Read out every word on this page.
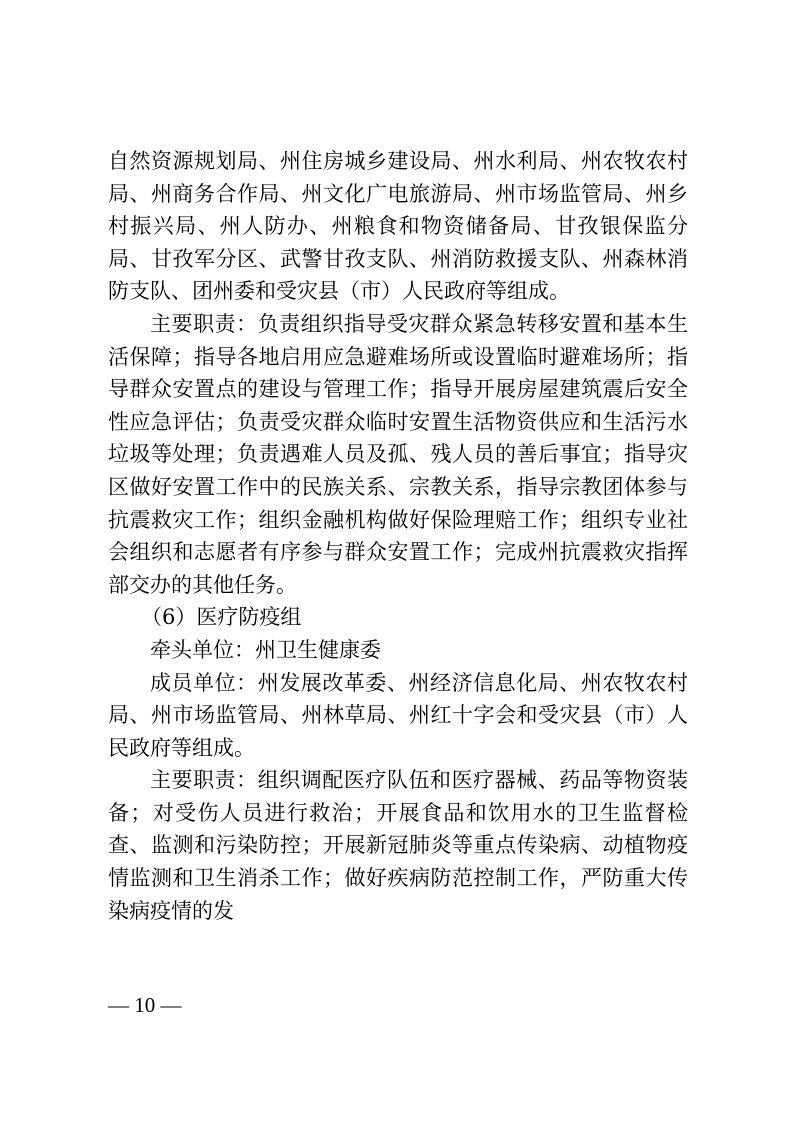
自然资源规划局、州住房城乡建设局、州水利局、州农牧农村局、州商务合作局、州文化广电旅游局、州市场监管局、州乡村振兴局、州人防办、州粮食和物资储备局、甘孜银保监分局、甘孜军分区、武警甘孜支队、州消防救援支队、州森林消防支队、团州委和受灾县（市）人民政府等组成。

主要职责：负责组织指导受灾群众紧急转移安置和基本生活保障；指导各地启用应急避难场所或设置临时避难场所；指导群众安置点的建设与管理工作；指导开展房屋建筑震后安全性应急评估；负责受灾群众临时安置生活物资供应和生活污水垃圾等处理；负责遇难人员及孤、残人员的善后事宜；指导灾区做好安置工作中的民族关系、宗教关系，指导宗教团体参与抗震救灾工作；组织金融机构做好保险理赔工作；组织专业社会组织和志愿者有序参与群众安置工作；完成州抗震救灾指挥部交办的其他任务。

（6）医疗防疫组

牵头单位：州卫生健康委

成员单位：州发展改革委、州经济信息化局、州农牧农村局、州市场监管局、州林草局、州红十字会和受灾县（市）人民政府等组成。

主要职责：组织调配医疗队伍和医疗器械、药品等物资装备；对受伤人员进行救治；开展食品和饮用水的卫生监督检查、监测和污染防控；开展新冠肺炎等重点传染病、动植物疫情监测和卫生消杀工作；做好疾病防范控制工作，严防重大传染病疫情的发

— 10 —
